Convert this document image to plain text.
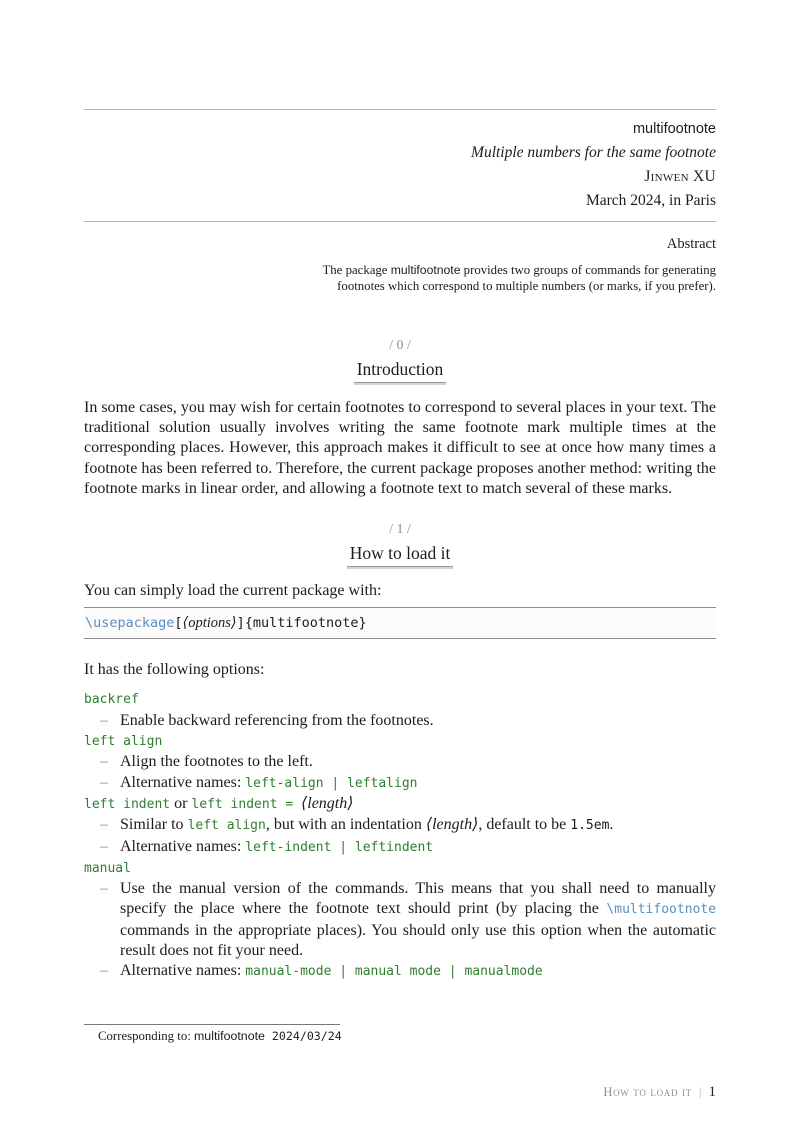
multifootnote
Multiple numbers for the same footnote
Jinwen XU
March 2024, in Paris
Abstract

The package multifootnote provides two groups of commands for generating footnotes which correspond to multiple numbers (or marks, if you prefer).

/ 0 /
Introduction

In some cases, you may wish for certain footnotes to correspond to several places in your text. The traditional solution usually involves writing the same footnote mark multiple times at the corresponding places. However, this approach makes it difficult to see at once how many times a footnote has been referred to. Therefore, the current package proposes another method: writing the footnote marks in linear order, and allowing a footnote text to match several of these marks.

/ 1 /
How to load it

You can simply load the current package with:

\usepackage[⟨options⟩]{multifootnote}

It has the following options:

backref
– Enable backward referencing from the footnotes.
left align
– Align the footnotes to the left.
– Alternative names: left-align | leftalign
left indent or left indent = ⟨length⟩
– Similar to left align, but with an indentation ⟨length⟩, default to be 1.5em.
– Alternative names: left-indent | leftindent
manual
– Use the manual version of the commands. This means that you shall need to manually specify the place where the footnote text should print (by placing the \multifootnote commands in the appropriate places). You should only use this option when the automatic result does not fit your need.
– Alternative names: manual-mode | manual mode | manualmode

Corresponding to: multifootnote 2024/03/24

How to load it | 1
